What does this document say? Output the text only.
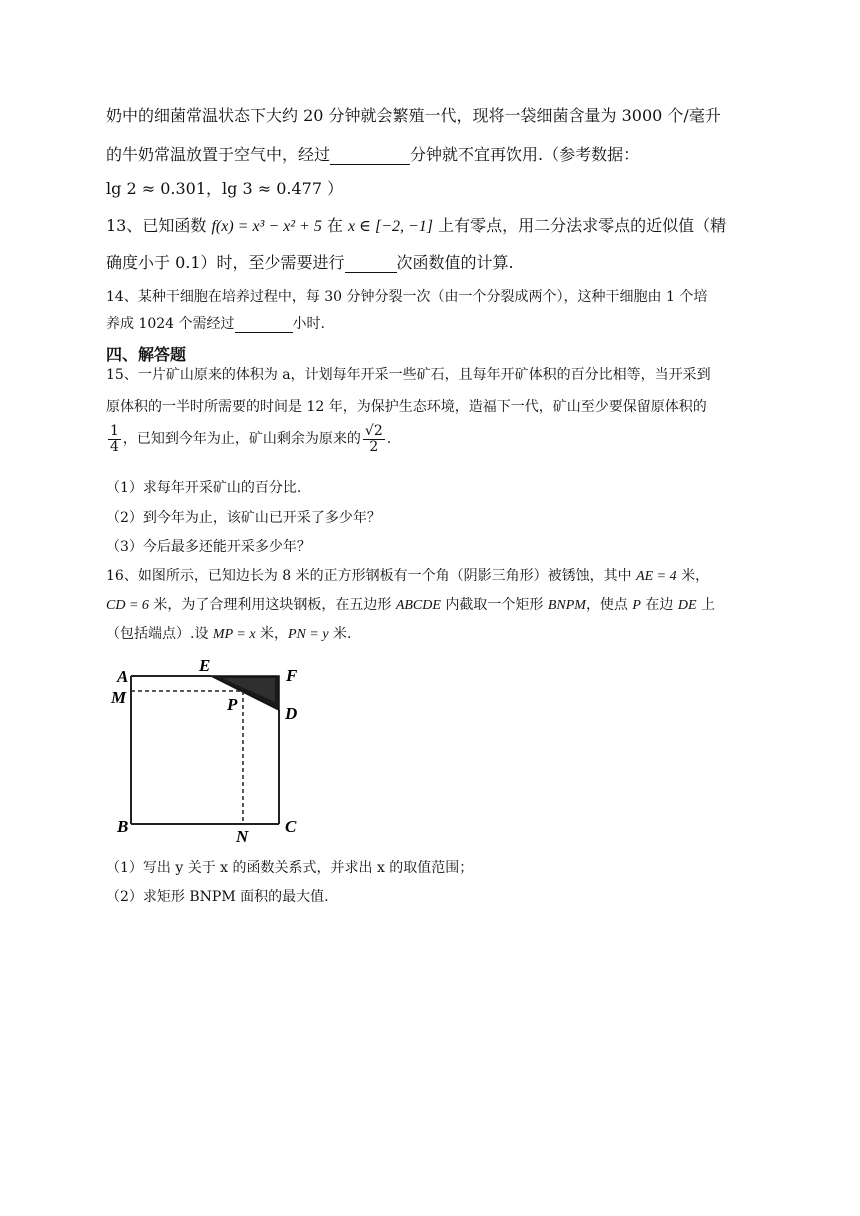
奶中的细菌常温状态下大约 20 分钟就会繁殖一代，现将一袋细菌含量为 3000 个/毫升
的牛奶常温放置于空气中，经过	分钟就不宜再饮用.（参考数据：
lg 2 ≈ 0.301，lg 3 ≈ 0.477 ）
13、已知函数 f(x) = x³ − x² + 5 在 x ∈ [−2, −1] 上有零点，用二分法求零点的近似值（精
确度小于 0.1）时，至少需要进行	次函数值的计算.
14、某种干细胞在培养过程中，每 30 分钟分裂一次（由一个分裂成两个），这种干细胞由 1 个培
养成 1024 个需经过	小时.
四、解答题
15、一片矿山原来的体积为 a，计划每年开采一些矿石，且每年开矿体积的百分比相等，当开采到
原体积的一半时所需要的时间是 12 年，为保护生态环境，造福下一代，矿山至少要保留原体积的
$\frac{1}{4}$ ，已知到今年为止，矿山剩余为原来的 $\frac{√2}{2}$ .
（1）求每年开采矿山的百分比.
（2）到今年为止，该矿山已开采了多少年？
（3）今后最多还能开采多少年？
16、如图所示，已知边长为 8 米的正方形钢板有一个角（阴影三角形）被锈蚀，其中 AE = 4 米，
CD = 6 米，为了合理利用这块钢板，在五边形 ABCDE 内截取一个矩形 BNPM，使点 P 在边 DE 上
（包括端点）.设 MP = x 米，PN = y 米.
A
M
B
E
P
F
D
N
C
（1）写出 y 关于 x 的函数关系式，并求出 x 的取值范围；
（2）求矩形 BNPM 面积的最大值.
